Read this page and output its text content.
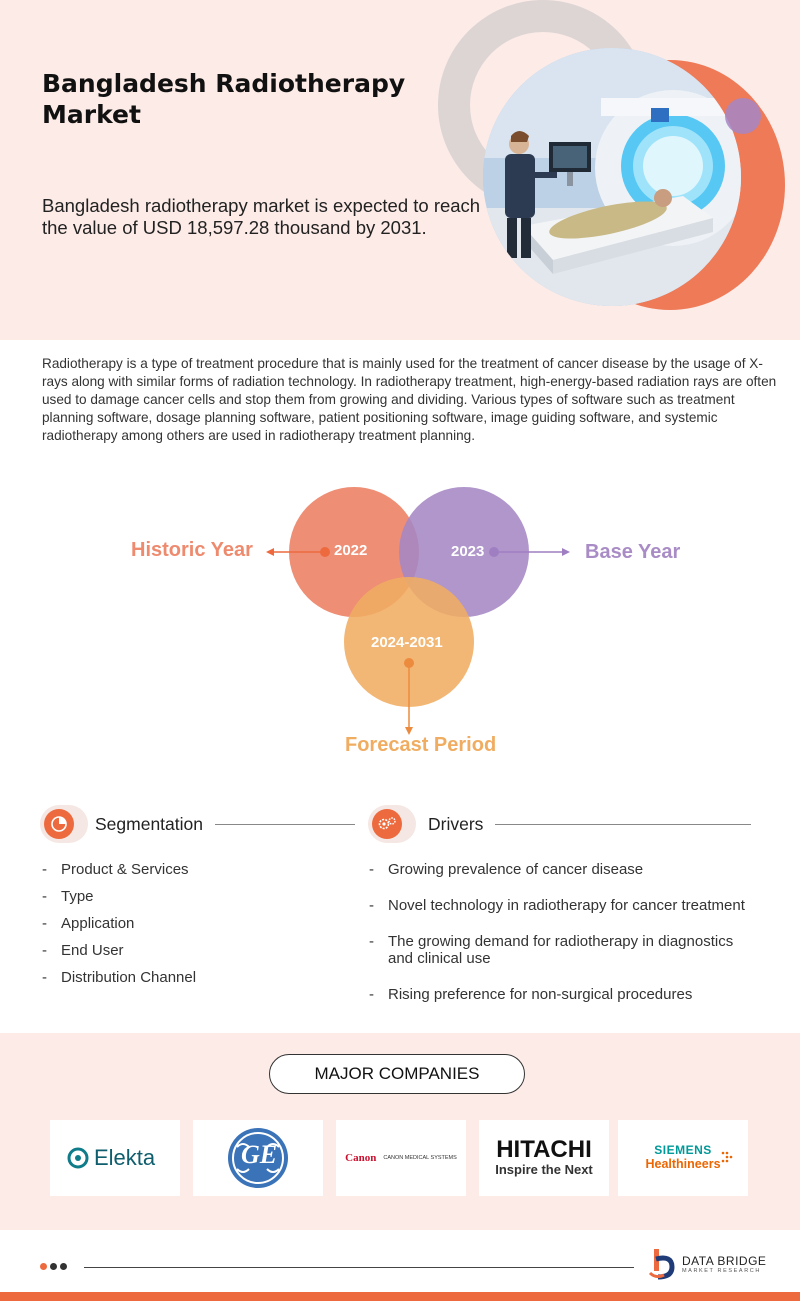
Bangladesh Radiotherapy Market
Bangladesh radiotherapy market is expected to reach the value of USD 18,597.28 thousand by 2031.
Radiotherapy is a type of treatment procedure that is mainly used for the treatment of cancer disease by the usage of X-rays along with similar forms of radiation technology. In radiotherapy treatment, high-energy-based radiation rays are often used to damage cancer cells and stop them from growing and dividing. Various types of software such as treatment planning software, dosage planning software, patient positioning software, image guiding software, and systemic radiotherapy among others are used in radiotherapy treatment planning.
2022	2023
2024-2031
Historic Year	Base Year
Forecast Period
Segmentation
- Product & Services
- Type
- Application
- End User
- Distribution Channel
Drivers
- Growing prevalence of cancer disease
- Novel technology in radiotherapy for cancer treatment
- The growing demand for radiotherapy in diagnostics and clinical use
- Rising preference for non-surgical procedures
MAJOR COMPANIES
Elekta	GE	Canon CANON MEDICAL SYSTEMS HITACHI
Inspire the Next
SIEMENS
Healthineers
DATA BRIDGE
MARKET RESEARCH
